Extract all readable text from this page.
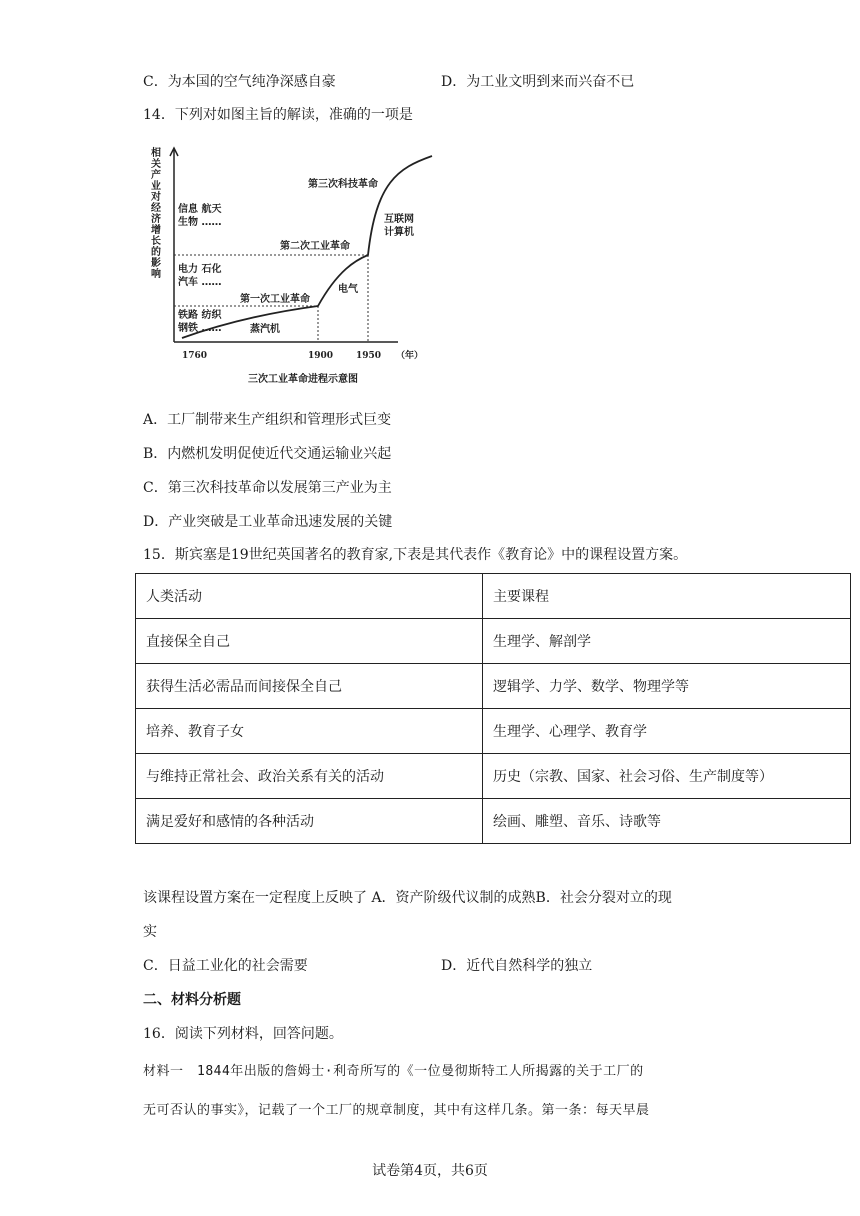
C．为本国的空气纯净深感自豪	D．为工业文明到来而兴奋不已
14．下列对如图主旨的解读，准确的一项是
相
关
产
业
对
经
济
增
长
的
影
响
信息 航天
生物 ……
电力 石化
汽车 ……
铁路 纺织
钢铁 ……
第三次科技革命
互联网
计算机
第二次工业革命
电气
第一次工业革命
蒸汽机
1760	1900	1950 （年）
三次工业革命进程示意图
A．工厂制带来生产组织和管理形式巨变
B．内燃机发明促使近代交通运输业兴起
C．第三次科技革命以发展第三产业为主
D．产业突破是工业革命迅速发展的关键
15．斯宾塞是19世纪英国著名的教育家,下表是其代表作《教育论》中的课程设置方案。
人类活动	主要课程
直接保全自己	生理学、解剖学
获得生活必需品而间接保全自己	逻辑学、力学、数学、物理学等
培养、教育子女	生理学、心理学、教育学
与维持正常社会、政治关系有关的活动	历史（宗教、国家、社会习俗、生产制度等）
满足爱好和感情的各种活动	绘画、雕塑、音乐、诗歌等
该课程设置方案在一定程度上反映了 A．资产阶级代议制的成熟B．社会分裂对立的现
实
C．日益工业化的社会需要	D．近代自然科学的独立
二、材料分析题
16．阅读下列材料，回答问题。
材料一　1844年出版的詹姆士·利奇所写的《一位曼彻斯特工人所揭露的关于工厂的
无可否认的事实》，记载了一个工厂的规章制度，其中有这样几条。第一条：每天早晨
试卷第4页，共6页
